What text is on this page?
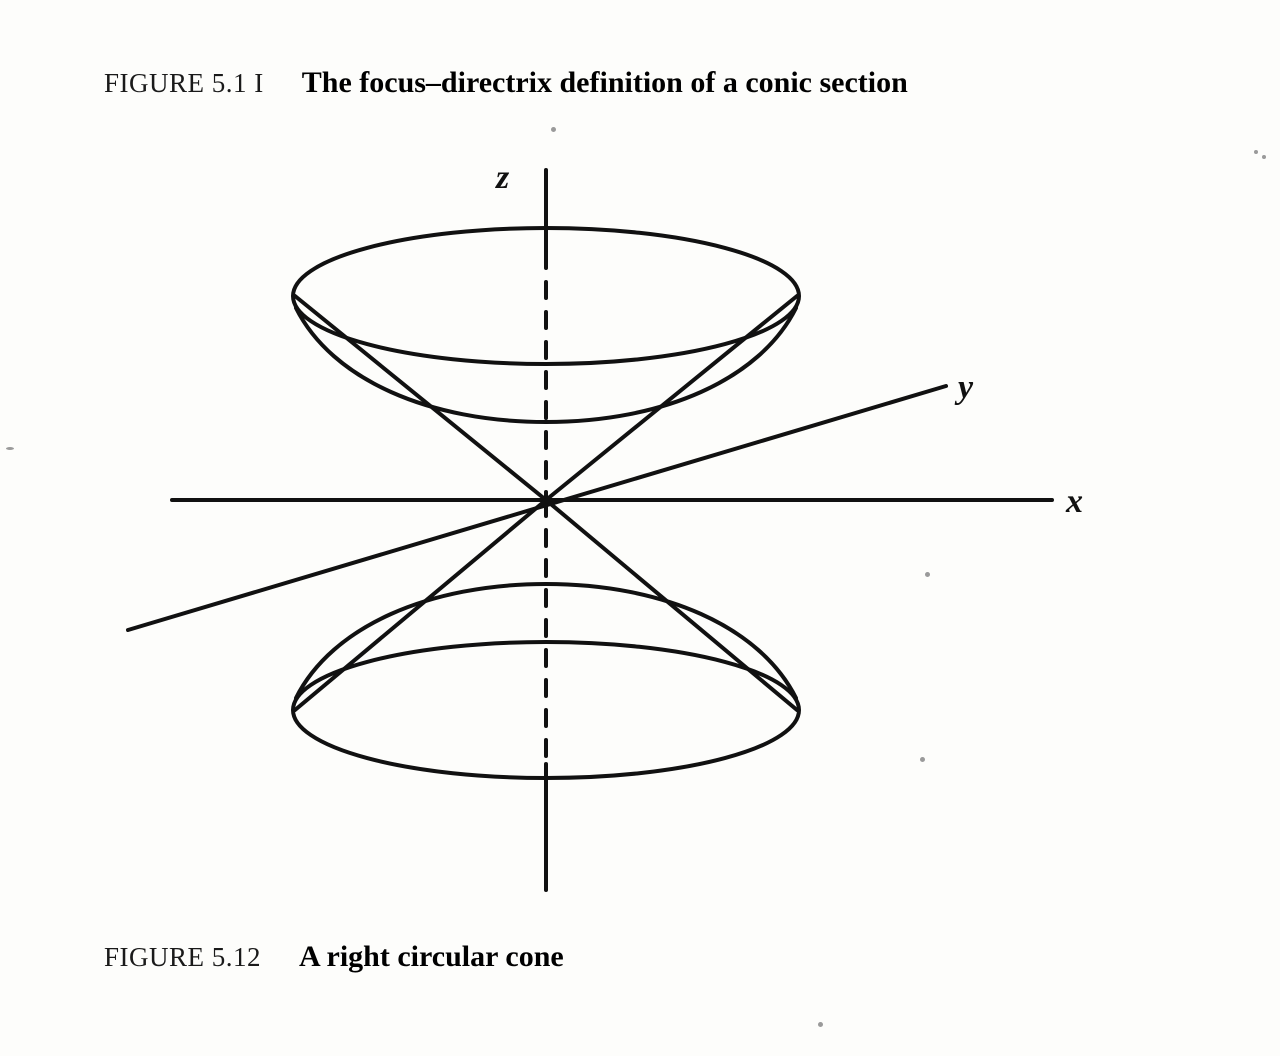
FIGURE 5.1 I The focus–directrix definition of a conic section
z
y
x
FIGURE 5.12 A right circular cone
